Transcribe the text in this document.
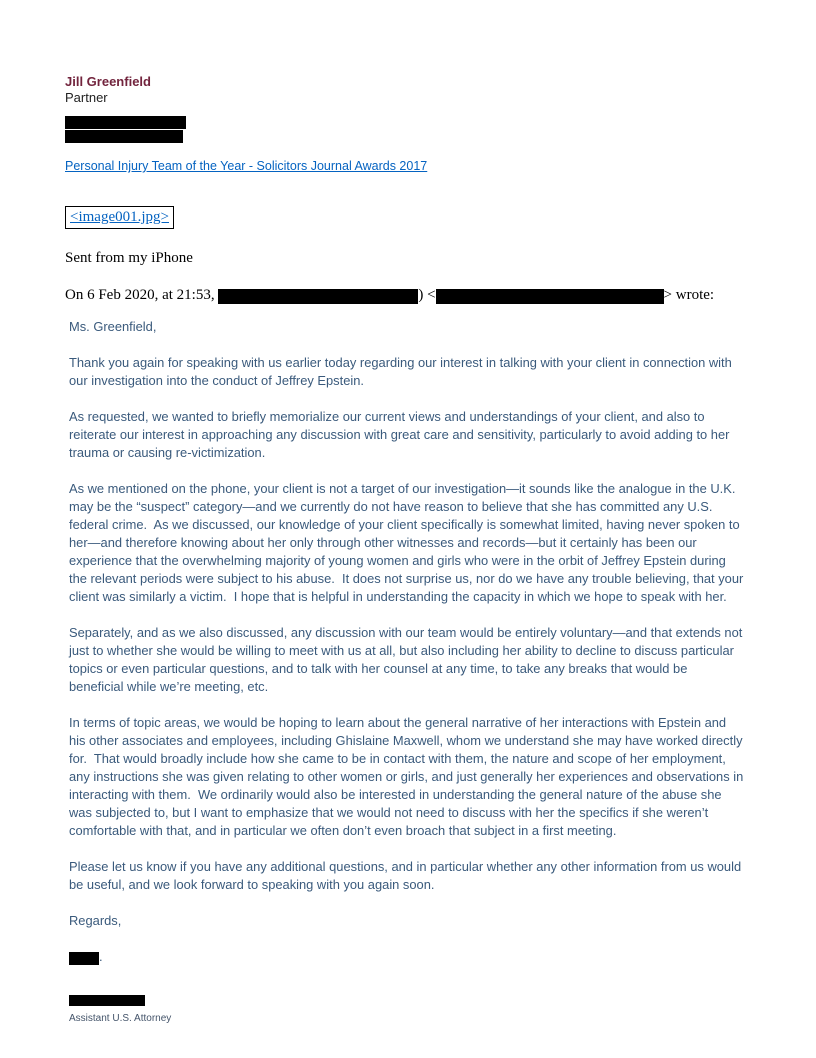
Jill Greenfield
Partner
Personal Injury Team of the Year - Solicitors Journal Awards 2017
<image001.jpg>
Sent from my iPhone
On 6 Feb 2020, at 21:53,	) <	> wrote:

Ms. Greenfield,

Thank you again for speaking with us earlier today regarding our interest in talking with your client in connection with our investigation into the conduct of Jeffrey Epstein.

As requested, we wanted to briefly memorialize our current views and understandings of your client, and also to reiterate our interest in approaching any discussion with great care and sensitivity, particularly to avoid adding to her trauma or causing re-victimization.

As we mentioned on the phone, your client is not a target of our investigation—it sounds like the analogue in the U.K. may be the “suspect” category—and we currently do not have reason to believe that she has committed any U.S. federal crime.  As we discussed, our knowledge of your client specifically is somewhat limited, having never spoken to her—and therefore knowing about her only through other witnesses and records—but it certainly has been our experience that the overwhelming majority of young women and girls who were in the orbit of Jeffrey Epstein during the relevant periods were subject to his abuse.  It does not surprise us, nor do we have any trouble believing, that your client was similarly a victim.  I hope that is helpful in understanding the capacity in which we hope to speak with her.

Separately, and as we also discussed, any discussion with our team would be entirely voluntary—and that extends not just to whether she would be willing to meet with us at all, but also including her ability to decline to discuss particular topics or even particular questions, and to talk with her counsel at any time, to take any breaks that would be beneficial while we’re meeting, etc.

In terms of topic areas, we would be hoping to learn about the general narrative of her interactions with Epstein and his other associates and employees, including Ghislaine Maxwell, whom we understand she may have worked directly for.  That would broadly include how she came to be in contact with them, the nature and scope of her employment, any instructions she was given relating to other women or girls, and just generally her experiences and observations in interacting with them.  We ordinarily would also be interested in understanding the general nature of the abuse she was subjected to, but I want to emphasize that we would not need to discuss with her the specifics if she weren’t comfortable with that, and in particular we often don’t even broach that subject in a first meeting.

Please let us know if you have any additional questions, and in particular whether any other information from us would be useful, and we look forward to speaking with you again soon.

Regards,

.
Assistant U.S. Attorney
